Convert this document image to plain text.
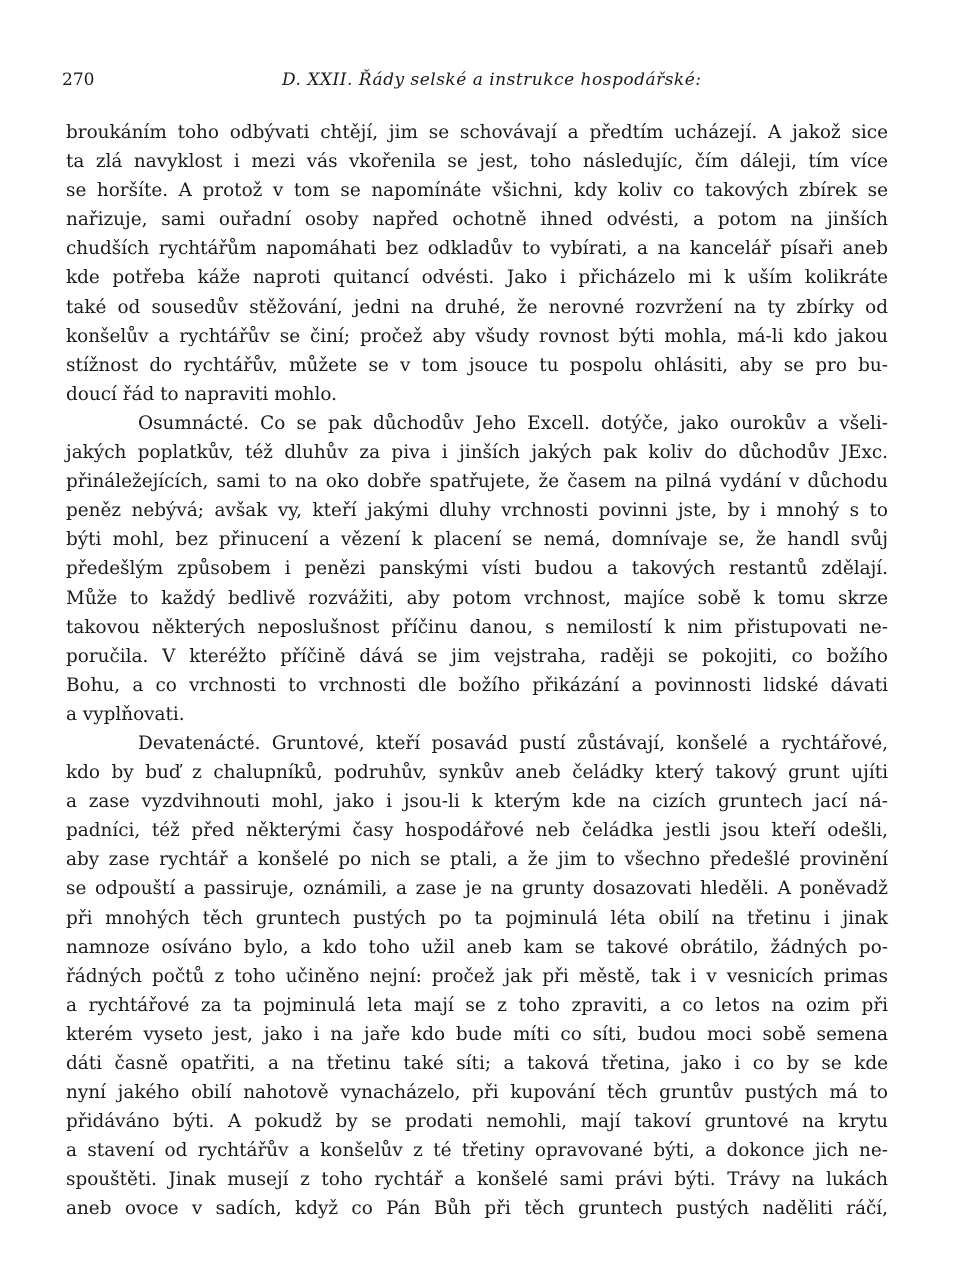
270	D. XXII. Řády selské a instrukce hospodářské:
broukáním toho odbývati chtějí, jim se schovávají a předtím ucházejí. A jakož sice
ta zlá navyklost i mezi vás vkořenila se jest, toho následujíc, čím dáleji, tím více
se horšíte. A protož v tom se napomínáte všichni, kdy koliv co takových zbírek se
nařizuje, sami ouřadní osoby napřed ochotně ihned odvésti, a potom na jinších
chudších rychtářům napomáhati bez odkladův to vybírati, a na kancelář písaři aneb
kde potřeba káže naproti quitancí odvésti. Jako i přicházelo mi k uším kolikráte
také od sousedův stěžování, jedni na druhé, že nerovné rozvržení na ty zbírky od
konšelův a rychtářův se činí; pročež aby všudy rovnost býti mohla, má-li kdo jakou
stížnost do rychtářův, můžete se v tom jsouce tu pospolu ohlásiti, aby se pro bu-
doucí řád to napraviti mohlo.
Osumnácté. Co se pak důchodův Jeho Excell. dotýče, jako ourokův a všeli-
jakých poplatkův, též dluhův za piva i jinších jakých pak koliv do důchodův JExc.
přináležejících, sami to na oko dobře spatřujete, že časem na pilná vydání v důchodu
peněz nebývá; avšak vy, kteří jakými dluhy vrchnosti povinni jste, by i mnohý s to
býti mohl, bez přinucení a vězení k placení se nemá, domnívaje se, že handl svůj
předešlým způsobem i penězi panskými vísti budou a takových restantů zdělají.
Může to každý bedlivě rozvážiti, aby potom vrchnost, majíce sobě k tomu skrze
takovou některých neposlušnost příčinu danou, s nemilostí k nim přistupovati ne-
poručila. V kteréžto příčině dává se jim vejstraha, raději se pokojiti, co božího
Bohu, a co vrchnosti to vrchnosti dle božího přikázání a povinnosti lidské dávati
a vyplňovati.
Devatenácté. Gruntové, kteří posavád pustí zůstávají, konšelé a rychtářové,
kdo by buď z chalupníků, podruhův, synkův aneb čeládky který takový grunt ujíti
a zase vyzdvihnouti mohl, jako i jsou-li k kterým kde na cizích gruntech jací ná-
padníci, též před některými časy hospodářové neb čeládka jestli jsou kteří odešli,
aby zase rychtář a konšelé po nich se ptali, a že jim to všechno předešlé provinění
se odpouští a passiruje, oznámili, a zase je na grunty dosazovati hleděli. A poněvadž
při mnohých těch gruntech pustých po ta pojminulá léta obilí na třetinu i jinak
namnoze osíváno bylo, a kdo toho užil aneb kam se takové obrátilo, žádných po-
řádných počtů z toho učiněno nejní: pročež jak při městě, tak i v vesnicích primas
a rychtářové za ta pojminulá leta mají se z toho zpraviti, a co letos na ozim při
kterém vyseto jest, jako i na jaře kdo bude míti co síti, budou moci sobě semena
dáti časně opatřiti, a na třetinu také síti; a taková třetina, jako i co by se kde
nyní jakého obilí nahotově vynacházelo, při kupování těch gruntův pustých má to
přidáváno býti. A pokudž by se prodati nemohli, mají takoví gruntové na krytu
a stavení od rychtářův a konšelův z té třetiny opravované býti, a dokonce jich ne-
spouštěti. Jinak musejí z toho rychtář a konšelé sami právi býti. Trávy na lukách
aneb ovoce v sadích, když co Pán Bůh při těch gruntech pustých naděliti ráčí,
